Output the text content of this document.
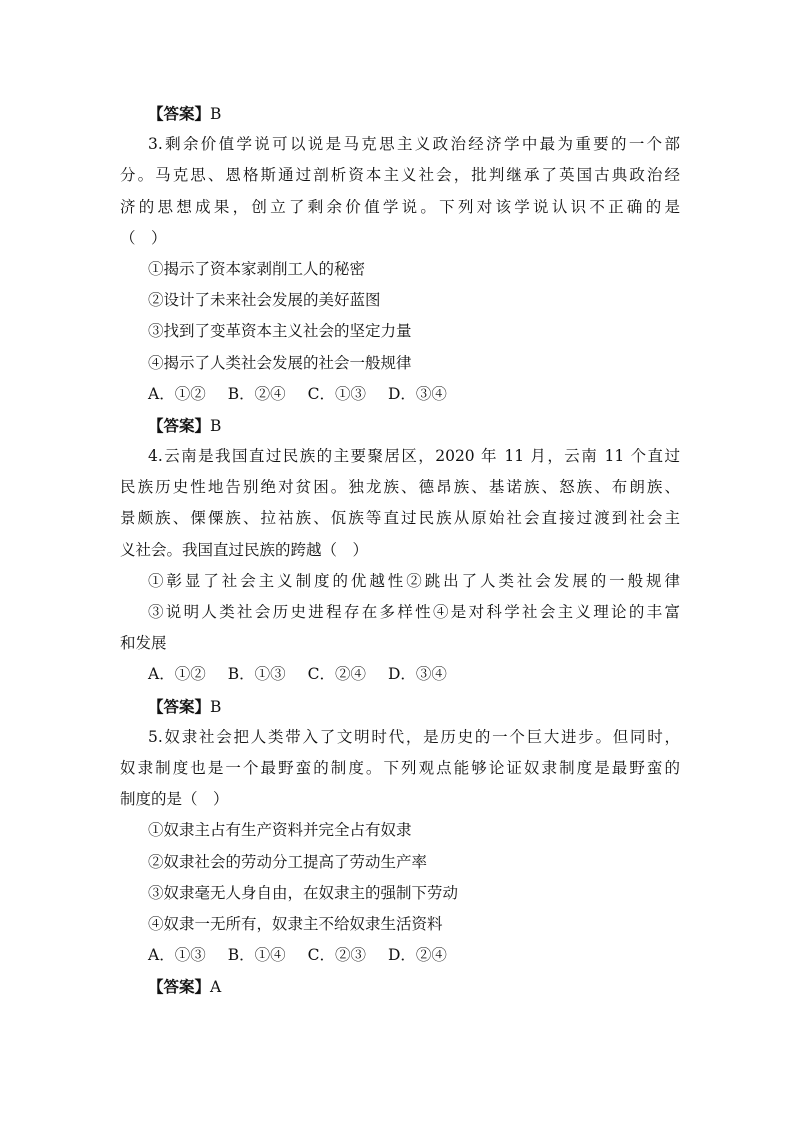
【答案】B

3.剩余价值学说可以说是马克思主义政治经济学中最为重要的一个部

分。马克思、恩格斯通过剖析资本主义社会，批判继承了英国古典政治经

济的思想成果，创立了剩余价值学说。下列对该学说认识不正确的是

（　）

①揭示了资本家剥削工人的秘密

②设计了未来社会发展的美好蓝图

③找到了变革资本主义社会的坚定力量

④揭示了人类社会发展的社会一般规律

A．①② B．②④ C．①③ D．③④

【答案】B

4.云南是我国直过民族的主要聚居区，2020 年 11 月，云南 11 个直过

民族历史性地告别绝对贫困。独龙族、德昂族、基诺族、怒族、布朗族、

景颇族、傈僳族、拉祜族、佤族等直过民族从原始社会直接过渡到社会主

义社会。我国直过民族的跨越（　）

①彰显了社会主义制度的优越性②跳出了人类社会发展的一般规律

③说明人类社会历史进程存在多样性④是对科学社会主义理论的丰富

和发展

A．①② B．①③ C．②④ D．③④

【答案】B

5.奴隶社会把人类带入了文明时代，是历史的一个巨大进步。但同时，

奴隶制度也是一个最野蛮的制度。下列观点能够论证奴隶制度是最野蛮的

制度的是（　）

①奴隶主占有生产资料并完全占有奴隶

②奴隶社会的劳动分工提高了劳动生产率

③奴隶毫无人身自由，在奴隶主的强制下劳动

④奴隶一无所有，奴隶主不给奴隶生活资料

A．①③ B．①④ C．②③ D．②④

【答案】A
